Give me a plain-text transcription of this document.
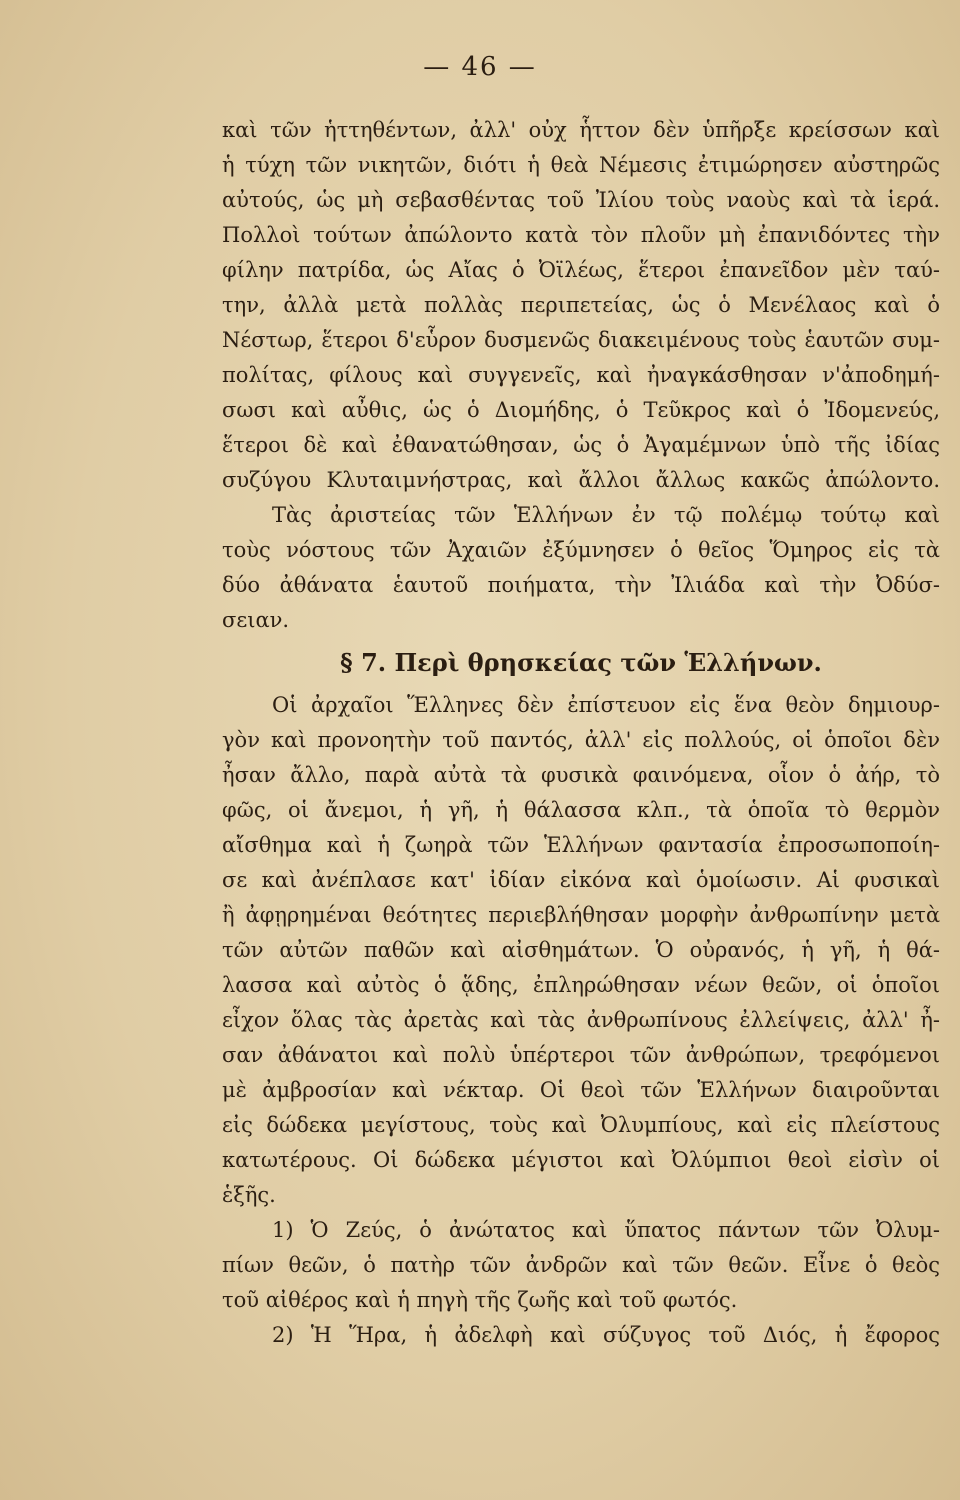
— 46 —
καὶ τῶν ἡττηθέντων, ἀλλ' οὐχ ἧττον δὲν ὑπῆρξε κρείσσων καὶ
ἡ τύχη τῶν νικητῶν, διότι ἡ θεὰ Νέμεσις ἐτιμώρησεν αὐστηρῶς
αὐτούς, ὡς μὴ σεβασθέντας τοῦ Ἰλίου τοὺς ναοὺς καὶ τὰ ἱερά.
Πολλοὶ τούτων ἀπώλοντο κατὰ τὸν πλοῦν μὴ ἐπανιδόντες τὴν
φίλην πατρίδα, ὡς Αἴας ὁ Ὀϊλέως, ἕτεροι ἐπανεῖδον μὲν ταύ-
την, ἀλλὰ μετὰ πολλὰς περιπετείας, ὡς ὁ Μενέλαος καὶ ὁ
Νέστωρ, ἕτεροι δ'εὗρον δυσμενῶς διακειμένους τοὺς ἑαυτῶν συμ-
πολίτας, φίλους καὶ συγγενεῖς, καὶ ἠναγκάσθησαν ν'ἀποδημή-
σωσι καὶ αὖθις, ὡς ὁ Διομήδης, ὁ Τεῦκρος καὶ ὁ Ἰδομενεύς,
ἕτεροι δὲ καὶ ἐθανατώθησαν, ὡς ὁ Ἀγαμέμνων ὑπὸ τῆς ἰδίας
συζύγου Κλυταιμνήστρας, καὶ ἄλλοι ἄλλως κακῶς ἀπώλοντο.
Τὰς ἀριστείας τῶν Ἑλλήνων ἐν τῷ πολέμῳ τούτῳ καὶ
τοὺς νόστους τῶν Ἀχαιῶν ἐξύμνησεν ὁ θεῖος Ὅμηρος εἰς τὰ
δύο ἀθάνατα ἑαυτοῦ ποιήματα, τὴν Ἰλιάδα καὶ τὴν Ὀδύσ-
σειαν.
§ 7. Περὶ θρησκείας τῶν Ἑλλήνων.
Οἱ ἀρχαῖοι Ἕλληνες δὲν ἐπίστευον εἰς ἕνα θεὸν δημιουρ-
γὸν καὶ προνοητὴν τοῦ παντός, ἀλλ' εἰς πολλούς, οἱ ὁποῖοι δὲν
ἦσαν ἄλλο, παρὰ αὐτὰ τὰ φυσικὰ φαινόμενα, οἷον ὁ ἀήρ, τὸ
φῶς, οἱ ἄνεμοι, ἡ γῆ, ἡ θάλασσα κλπ., τὰ ὁποῖα τὸ θερμὸν
αἴσθημα καὶ ἡ ζωηρὰ τῶν Ἑλλήνων φαντασία ἐπροσωποποίη-
σε καὶ ἀνέπλασε κατ' ἰδίαν εἰκόνα καὶ ὁμοίωσιν. Αἱ φυσικαὶ
ἢ ἀφῃρημέναι θεότητες περιεβλήθησαν μορφὴν ἀνθρωπίνην μετὰ
τῶν αὐτῶν παθῶν καὶ αἰσθημάτων. Ὁ οὐρανός, ἡ γῆ, ἡ θά-
λασσα καὶ αὐτὸς ὁ ᾅδης, ἐπληρώθησαν νέων θεῶν, οἱ ὁποῖοι
εἶχον ὅλας τὰς ἀρετὰς καὶ τὰς ἀνθρωπίνους ἐλλείψεις, ἀλλ' ἦ-
σαν ἀθάνατοι καὶ πολὺ ὑπέρτεροι τῶν ἀνθρώπων, τρεφόμενοι
μὲ ἀμβροσίαν καὶ νέκταρ. Οἱ θεοὶ τῶν Ἑλλήνων διαιροῦνται
εἰς δώδεκα μεγίστους, τοὺς καὶ Ὀλυμπίους, καὶ εἰς πλείστους
κατωτέρους. Οἱ δώδεκα μέγιστοι καὶ Ὀλύμπιοι θεοὶ εἰσὶν οἱ
ἑξῆς.
1) Ὁ Ζεύς, ὁ ἀνώτατος καὶ ὕπατος πάντων τῶν Ὀλυμ-
πίων θεῶν, ὁ πατὴρ τῶν ἀνδρῶν καὶ τῶν θεῶν. Εἶνε ὁ θεὸς
τοῦ αἰθέρος καὶ ἡ πηγὴ τῆς ζωῆς καὶ τοῦ φωτός.
2) Ἡ Ἥρα, ἡ ἀδελφὴ καὶ σύζυγος τοῦ Διός, ἡ ἔφορος
